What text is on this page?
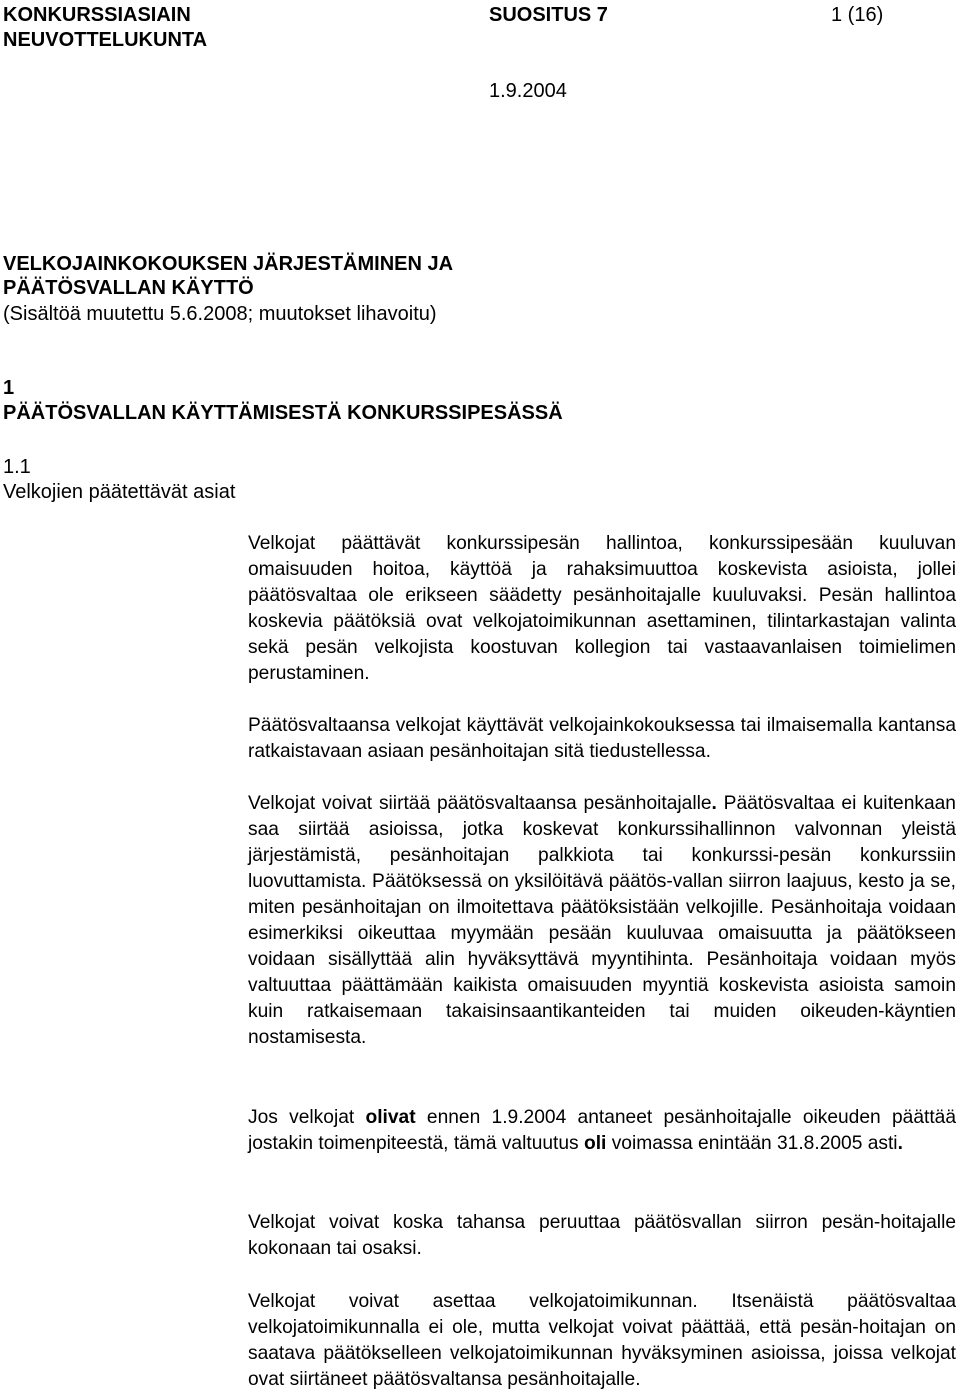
KONKURSSIASIAIN
NEUVOTTELUKUNTA
SUOSITUS 7	1 (16)
1.9.2004
VELKOJAINKOKOUKSEN JÄRJESTÄMINEN JA
PÄÄTÖSVALLAN KÄYTTÖ
(Sisältöä muutettu 5.6.2008; muutokset lihavoitu)
1
PÄÄTÖSVALLAN KÄYTTÄMISESTÄ KONKURSSIPESÄSSÄ
1.1
Velkojien päätettävät asiat

Velkojat päättävät konkurssipesän hallintoa, konkurssipesään kuuluvan omaisuuden hoitoa, käyttöä ja rahaksimuuttoa koskevista asioista, jollei päätösvaltaa ole erikseen säädetty pesänhoitajalle kuuluvaksi. Pesän hallintoa koskevia päätöksiä ovat velkojatoimikunnan asettaminen, tilintarkastajan valinta sekä pesän velkojista koostuvan kollegion tai vastaavanlaisen toimielimen perustaminen.

Päätösvaltaansa velkojat käyttävät velkojainkokouksessa tai ilmaisemalla kantansa ratkaistavaan asiaan pesänhoitajan sitä tiedustellessa.

Velkojat voivat siirtää päätösvaltaansa pesänhoitajalle. Päätösvaltaa ei kuitenkaan saa siirtää asioissa, jotka koskevat konkurssihallinnon valvonnan yleistä järjestämistä, pesänhoitajan palkkiota tai konkurssi-pesän konkurssiin luovuttamista. Päätöksessä on yksilöitävä päätös-vallan siirron laajuus, kesto ja se, miten pesänhoitajan on ilmoitettava päätöksistään velkojille. Pesänhoitaja voidaan esimerkiksi oikeuttaa myymään pesään kuuluvaa omaisuutta ja päätökseen voidaan sisällyttää alin hyväksyttävä myyntihinta. Pesänhoitaja voidaan myös valtuuttaa päättämään kaikista omaisuuden myyntiä koskevista asioista samoin kuin ratkaisemaan takaisinsaantikanteiden tai muiden oikeuden-käyntien nostamisesta.

Jos velkojat olivat ennen 1.9.2004 antaneet pesänhoitajalle oikeuden päättää jostakin toimenpiteestä, tämä valtuutus oli voimassa enintään 31.8.2005 asti.

Velkojat voivat koska tahansa peruuttaa päätösvallan siirron pesän-hoitajalle kokonaan tai osaksi.

Velkojat voivat asettaa velkojatoimikunnan. Itsenäistä päätösvaltaa velkojatoimikunnalla ei ole, mutta velkojat voivat päättää, että pesän-hoitajan on saatava päätökselleen velkojatoimikunnan hyväksyminen asioissa, joissa velkojat ovat siirtäneet päätösvaltansa pesänhoitajalle.
